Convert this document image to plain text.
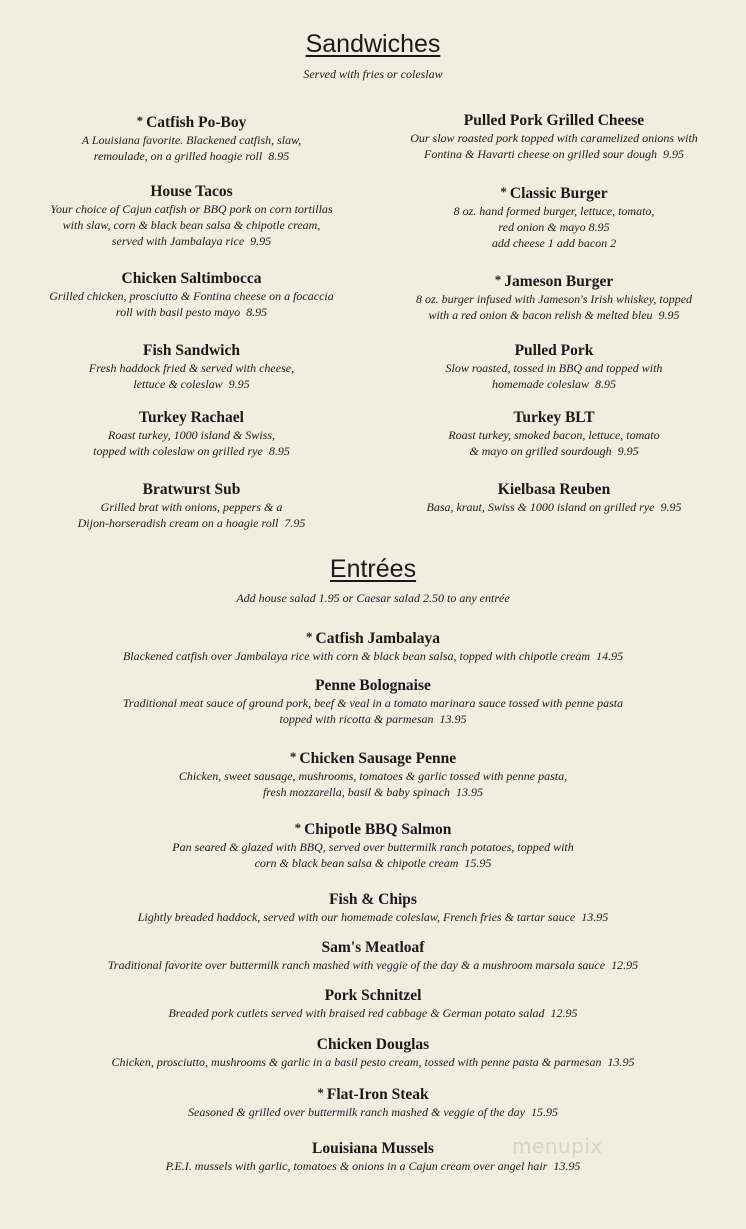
Sandwiches
Served with fries or coleslaw
* Catfish Po-Boy
A Louisiana favorite. Blackened catfish, slaw,
remoulade, on a grilled hoagie roll 8.95
House Tacos
Your choice of Cajun catfish or BBQ pork on corn tortillas
with slaw, corn & black bean salsa & chipotle cream,
served with Jambalaya rice 9.95
Chicken Saltimbocca
Grilled chicken, prosciutto & Fontina cheese on a focaccia
roll with basil pesto mayo 8.95
Fish Sandwich
Fresh haddock fried & served with cheese,
lettuce & coleslaw 9.95
Turkey Rachael
Roast turkey, 1000 island & Swiss,
topped with coleslaw on grilled rye 8.95
Bratwurst Sub
Grilled brat with onions, peppers & a
Dijon-horseradish cream on a hoagie roll 7.95
Pulled Pork Grilled Cheese
Our slow roasted pork topped with caramelized onions with
Fontina & Havarti cheese on grilled sour dough 9.95
* Classic Burger
8 oz. hand formed burger, lettuce, tomato,
red onion & mayo 8.95
add cheese 1 add bacon 2
* Jameson Burger
8 oz. burger infused with Jameson's Irish whiskey, topped
with a red onion & bacon relish & melted bleu 9.95
Pulled Pork
Slow roasted, tossed in BBQ and topped with
homemade coleslaw 8.95
Turkey BLT
Roast turkey, smoked bacon, lettuce, tomato
& mayo on grilled sourdough 9.95
Kielbasa Reuben
Basa, kraut, Swiss & 1000 island on grilled rye 9.95
Entrées
Add house salad 1.95 or Caesar salad 2.50 to any entrée
* Catfish Jambalaya
Blackened catfish over Jambalaya rice with corn & black bean salsa, topped with chipotle cream 14.95
Penne Bolognaise
Traditional meat sauce of ground pork, beef & veal in a tomato marinara sauce tossed with penne pasta
topped with ricotta & parmesan 13.95
* Chicken Sausage Penne
Chicken, sweet sausage, mushrooms, tomatoes & garlic tossed with penne pasta,
fresh mozzarella, basil & baby spinach 13.95
* Chipotle BBQ Salmon
Pan seared & glazed with BBQ, served over buttermilk ranch potatoes, topped with
corn & black bean salsa & chipotle cream 15.95
Fish & Chips
Lightly breaded haddock, served with our homemade coleslaw, French fries & tartar sauce 13.95
Sam's Meatloaf
Traditional favorite over buttermilk ranch mashed with veggie of the day & a mushroom marsala sauce 12.95
Pork Schnitzel
Breaded pork cutlets served with braised red cabbage & German potato salad 12.95
Chicken Douglas
Chicken, prosciutto, mushrooms & garlic in a basil pesto cream, tossed with penne pasta & parmesan 13.95
* Flat-Iron Steak
Seasoned & grilled over buttermilk ranch mashed & veggie of the day 15.95
Louisiana Mussels
P.E.I. mussels with garlic, tomatoes & onions in a Cajun cream over angel hair 13.95
menupix
